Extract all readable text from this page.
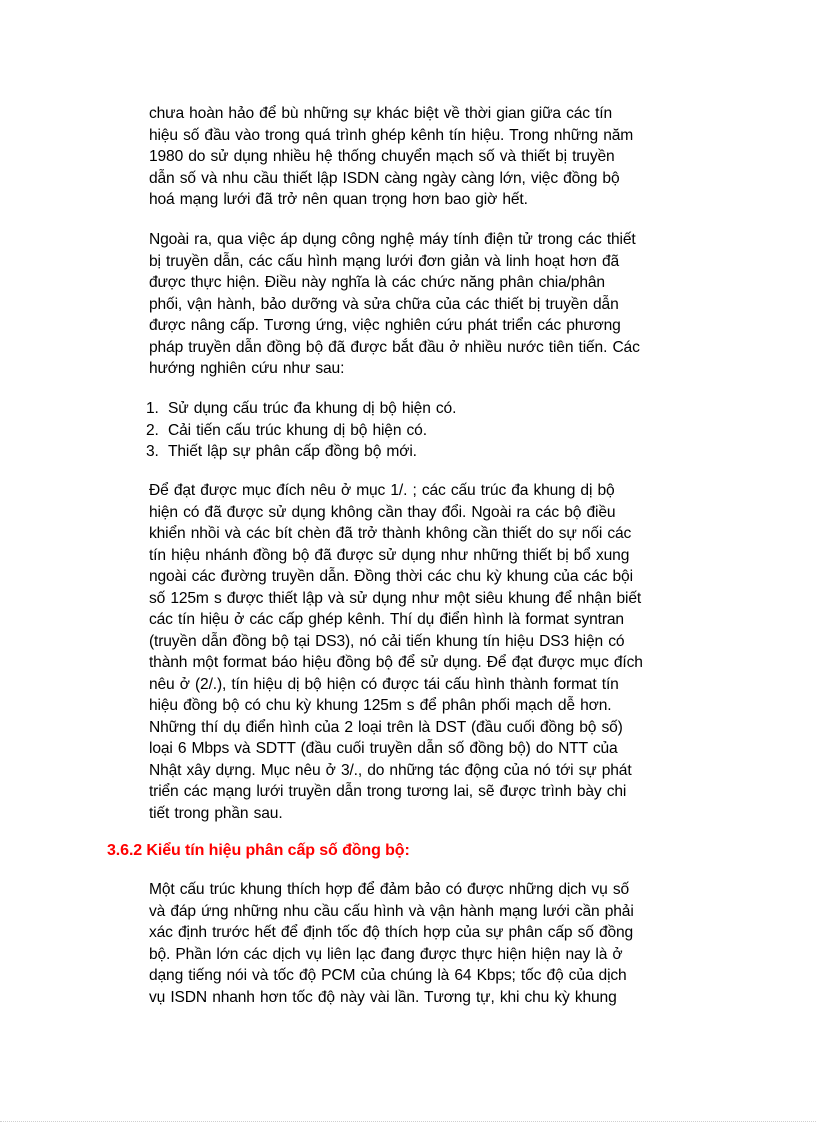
chưa hoàn hảo để bù những sự khác biệt về thời gian giữa các tín
hiệu số đầu vào trong quá trình ghép kênh tín hiệu. Trong những năm
1980 do sử dụng nhiều hệ thống chuyển mạch số và thiết bị truyền
dẫn số và nhu cầu thiết lập ISDN càng ngày càng lớn, việc đồng bộ
hoá mạng lưới đã trở nên quan trọng hơn bao giờ hết.
Ngoài ra, qua việc áp dụng công nghệ máy tính điện tử trong các thiết
bị truyền dẫn, các cấu hình mạng lưới đơn giản và linh hoạt hơn đã
được thực hiện. Điều này nghĩa là các chức năng phân chia/phân
phối, vận hành, bảo dưỡng và sửa chữa của các thiết bị truyền dẫn
được nâng cấp. Tương ứng, việc nghiên cứu phát triển các phương
pháp truyền dẫn đồng bộ đã được bắt đầu ở nhiều nước tiên tiến. Các
hướng nghiên cứu như sau:
1. Sử dụng cấu trúc đa khung dị bộ hiện có.
2. Cải tiến cấu trúc khung dị bộ hiện có.
3. Thiết lập sự phân cấp đồng bộ mới.
Để đạt được mục đích nêu ở mục 1/. ; các cấu trúc đa khung dị bộ
hiện có đã được sử dụng không cần thay đổi. Ngoài ra các bộ điều
khiển nhồi và các bít chèn đã trở thành không cần thiết do sự nối các
tín hiệu nhánh đồng bộ đã được sử dụng như những thiết bị bổ xung
ngoài các đường truyền dẫn. Đồng thời các chu kỳ khung của các bội
số 125m s được thiết lập và sử dụng như một siêu khung để nhận biết
các tín hiệu ở các cấp ghép kênh. Thí dụ điển hình là format syntran
(truyền dẫn đồng bộ tại DS3), nó cải tiến khung tín hiệu DS3 hiện có
thành một format báo hiệu đồng bộ để sử dụng. Để đạt được mục đích
nêu ở (2/.), tín hiệu dị bộ hiện có được tái cấu hình thành format tín
hiệu đồng bộ có chu kỳ khung 125m s để phân phối mạch dễ hơn.
Những thí dụ điển hình của 2 loại trên là DST (đầu cuối đồng bộ số)
loại 6 Mbps và SDTT (đầu cuối truyền dẫn số đồng bộ) do NTT của
Nhật xây dựng. Mục nêu ở 3/., do những tác động của nó tới sự phát
triển các mạng lưới truyền dẫn trong tương lai, sẽ được trình bày chi
tiết trong phần sau.
3.6.2 Kiểu tín hiệu phân cấp số đồng bộ:
Một cấu trúc khung thích hợp để đảm bảo có được những dịch vụ số
và đáp ứng những nhu cầu cấu hình và vận hành mạng lưới cần phải
xác định trước hết để định tốc độ thích hợp của sự phân cấp số đồng
bộ. Phần lớn các dịch vụ liên lạc đang được thực hiện hiện nay là ở
dạng tiếng nói và tốc độ PCM của chúng là 64 Kbps; tốc độ của dịch
vụ ISDN nhanh hơn tốc độ này vài lần. Tương tự, khi chu kỳ khung
